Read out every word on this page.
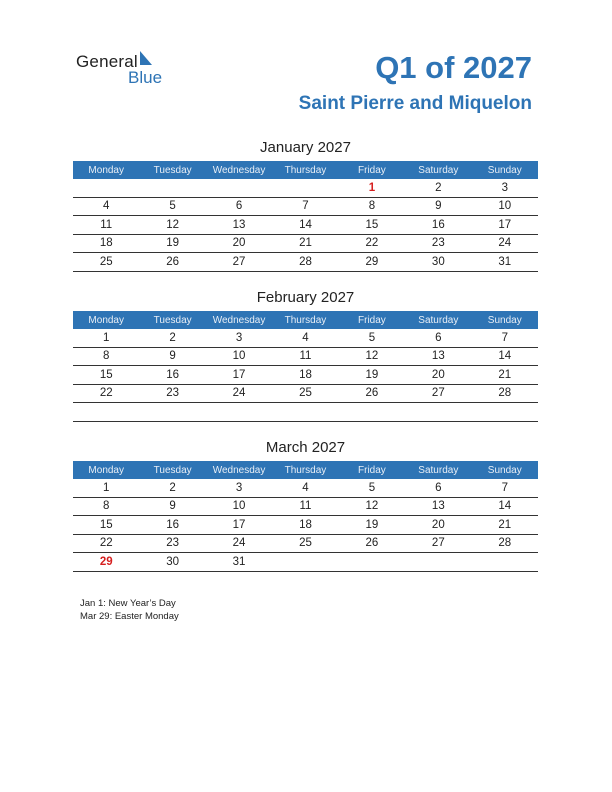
General
Blue	Q1 of 2027
Saint Pierre and Miquelon
January 2027
Monday	Tuesday	Wednesday	Thursday	Friday	Saturday	Sunday
				1	2	3
4	5	6	7	8	9	10
11	12	13	14	15	16	17
18	19	20	21	22	23	24
25	26	27	28	29	30	31
February 2027
Monday	Tuesday	Wednesday	Thursday	Friday	Saturday	Sunday
1	2	3	4	5	6	7
8	9	10	11	12	13	14
15	16	17	18	19	20	21
22	23	24	25	26	27	28

March 2027
Monday	Tuesday	Wednesday	Thursday	Friday	Saturday	Sunday
1	2	3	4	5	6	7
8	9	10	11	12	13	14
15	16	17	18	19	20	21
22	23	24	25	26	27	28
29	30	31				
Jan 1: New Year’s Day
Mar 29: Easter Monday
